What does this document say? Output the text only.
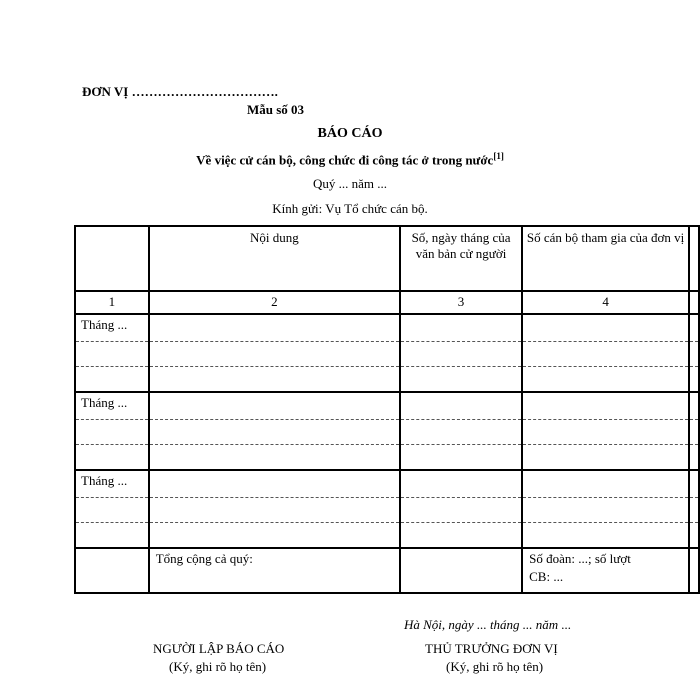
ĐƠN VỊ …………………………….
Mẫu số 03
BÁO CÁO
Về việc cử cán bộ, công chức đi công tác ở trong nước[1]
Quý ... năm ...
Kính gửi: Vụ Tổ chức cán bộ.
	Nội dung	Số, ngày tháng của văn bản cử người	Số cán bộ tham gia của đơn vị	
1	2	3	4	
Tháng ...				

Tháng ...				

Tháng ...				

	Tổng cộng cả quý:		Số đoàn: ...; số lượt
CB: ...	

Hà Nội, ngày ... tháng ... năm ...
NGƯỜI LẬP BÁO CÁO
(Ký, ghi rõ họ tên)
THỦ TRƯỞNG ĐƠN VỊ
(Ký, ghi rõ họ tên)
